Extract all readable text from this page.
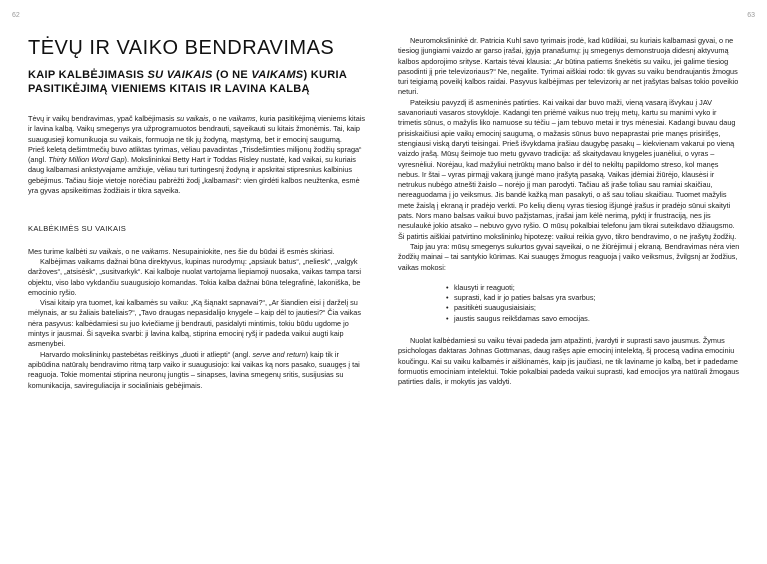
62	63
TĖVŲ IR VAIKO BENDRAVIMAS
KAIP KALBĖJIMASIS SU VAIKAIS (O NE VAIKAMS) KURIA PASITIKĖJIMĄ VIENIEMS KITAIS IR LAVINA KALBĄ

Tėvų ir vaikų bendravimas, ypač kalbėjimasis su vaikais, o ne vaikams, kuria pasitikėjimą vieniems kitais ir lavina kalbą. Vaikų smegenys yra užprogramuotos bendrauti, sąveikauti su kitais žmonėmis. Tai, kaip suaugusieji komunikuoja su vaikais, formuoja ne tik jų žodyną, mąstymą, bet ir emocinį saugumą.
Prieš keletą dešimtmečių buvo atliktas tyrimas, vėliau pavadintas „Trisdešimties milijonų žodžių spraga“ (angl. Thirty Million Word Gap). Mokslininkai Betty Hart ir Toddas Risley nustatė, kad vaikai, su kuriais daug kalbamasi ankstyvajame amžiuje, vėliau turi turtingesnį žodyną ir apskritai stipresnius kalbinius gebėjimus. Tačiau šioje vietoje norėčiau pabrėžti žodį „kalbamasi“: vien girdėti kalbos neužtenka, esmė yra gyvas apsikeitimas žodžiais ir tikra sąveika.

KALBĖKIMĖS SU VAIKAIS

Mes turime kalbėti su vaikais, o ne vaikams. Nesupainiokite, nes šie du būdai iš esmės skiriasi.

Kalbėjimas vaikams dažnai būna direktyvus, kupinas nurodymų: „apsiauk batus“, „neliesk“, „valgyk daržoves“, „atsisėsk“, „susitvarkyk“. Kai kalboje nuolat vartojama liepiamoji nuosaka, vaikas tampa tarsi objektu, viso labo vykdančiu suaugusiojo komandas. Tokia kalba dažnai būna telegrafinė, lakoniška, be emocinio ryšio.

Visai kitaip yra tuomet, kai kalbamės su vaiku: „Ką šiąnakt sapnavai?“, „Ar šiandien eisi į darželį su mėlynais, ar su žaliais bateliais?“, „Tavo draugas nepasidalijo knygele – kaip dėl to jautiesi?“ Čia vaikas nėra pasyvus: kalbėdamiesi su juo kviečiame jį bendrauti, pasidalyti mintimis, tokiu būdu ugdome jo mintys ir jausmai. Ši sąveika svarbi: ji lavina kalbą, stiprina emocinį ryšį ir padeda vaikui augti kaip asmenybei.

Harvardo mokslininkų pastebėtas reiškinys „duoti ir atliepti“ (angl. serve and return) kaip tik ir apibūdina natūralų bendravimo ritmą tarp vaiko ir suaugusiojo: kai vaikas ką nors pasako, suaugęs į tai reaguoja. Tokie momentai stiprina neuronų jungtis – sinapses, lavina smegenų sritis, susijusias su komunikacija, savireguliacija ir socialiniais gebėjimais.

Neuromokslininkė dr. Patricia Kuhl savo tyrimais įrodė, kad kūdikiai, su kuriais kalbamasi gyvai, o ne tiesiog įjungiami vaizdo ar garso įrašai, įgyja pranašumų: jų smegenys demonstruoja didesnį aktyvumą kalbos apdorojimo srityse. Kartais tėvai klausia: „Ar būtina patiems šnekėtis su vaiku, jei galime tiesiog pasodinti jį prie televizoriaus?“ Ne, negalite. Tyrimai aiškiai rodo: tik gyvas su vaiku bendraujantis žmogus turi teigiamą poveikį kalbos raidai. Pasyvus kalbėjimas per televizorių ar net įrašytas balsas tokio poveikio neturi.

Pateiksiu pavyzdį iš asmeninės patirties. Kai vaikai dar buvo maži, vieną vasarą išvykau į JAV savanoriauti vasaros stovykloje. Kadangi ten priėmė vaikus nuo trejų metų, kartu su manimi vyko ir trimetis sūnus, o mažylis liko namuose su tėčiu – jam tebuvo metai ir trys mėnesiai. Kadangi buvau daug prisiskaičiusi apie vaikų emocinį saugumą, o mažasis sūnus buvo nepaprastai prie manęs prisirišęs, stengiausi viską daryti teisingai. Prieš išvykdama įrašiau daugybę pasakų – kiekvienam vakarui po vieną vaizdo įrašą. Mūsų šeimoje tuo metu gyvavo tradicija: aš skaitydavau knygeles juanėliui, o vyras – vyresnėliui. Norėjau, kad mažyliui netrūktų mano balso ir dėl to nekiltų papildomo streso, kol manęs nebus. Ir štai – vyras pirmąjį vakarą įjungė mano įrašytą pasaką. Vaikas įdėmiai žiūrėjo, klausėsi ir netrukus nubėgo atnešti žaislo – norėjo jį man parodyti. Tačiau aš įraše toliau sau ramiai skaičiau, nereaguodama į jo veiksmus. Jis bandė kažką man pasakyti, o aš sau toliau skaičiau. Tuomet mažylis mete žaislą į ekraną ir pradėjo verkti. Po kelių dienų vyras tiesiog išjungė įrašus ir pradėjo sūnui skaityti pats. Nors mano balsas vaikui buvo pažįstamas, įrašai jam kėlė nerimą, pyktį ir frustraciją, nes jis nesulaukė jokio atsako – nebuvo gyvo ryšio. O mūsų pokalbiai telefonu jam tikrai suteikdavo džiaugsmo. Ši patirtis aiškiai patvirtino mokslininkų hipotezę: vaikui reikia gyvo, tikro bendravimo, o ne įrašytų žodžių.

Taip jau yra: mūsų smegenys sukurtos gyvai sąveikai, o ne žiūrėjimui į ekraną. Bendravimas nėra vien žodžių mainai – tai santykio kūrimas. Kai suaugęs žmogus reaguoja į vaiko veiksmus, žvilgsnį ar žodžius, vaikas mokosi:

• klausyti ir reaguoti;
• suprasti, kad ir jo paties balsas yra svarbus;
• pasitikėti suaugusiaisiais;
• jaustis saugus reikšdamas savo emocijas.

Nuolat kalbėdamiesi su vaiku tėvai padeda jam atpažinti, įvardyti ir suprasti savo jausmus. Žymus psichologas daktaras Johnas Gottmanas, daug rašęs apie emocinį intelektą, šį procesą vadina emociniu koučingu. Kai su vaiku kalbamės ir aiškinamės, kaip jis jaučiasi, ne tik laviname jo kalbą, bet ir padedame formuotis emociniam intelektui. Tokie pokalbiai padeda vaikui suprasti, kad emocijos yra natūrali žmogaus patirties dalis, ir mokytis jas valdyti.
